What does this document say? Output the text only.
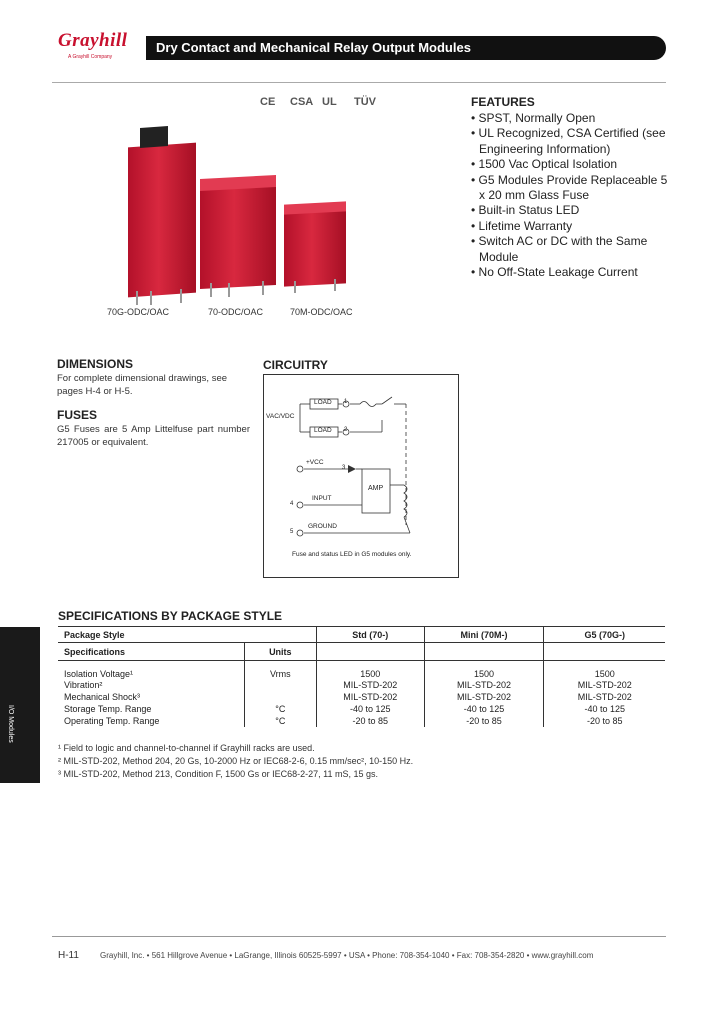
Grayhill
A Grayhill Company
Dry Contact and Mechanical Relay Output Modules
CE CSA UL TÜV
70G-ODC/OAC	70-ODC/OAC	70M-ODC/OAC
FEATURES
• SPST, Normally Open
• UL Recognized, CSA Certified (see Engineering Information)
• 1500 Vac Optical Isolation
• G5 Modules Provide Replaceable 5 x 20 mm Glass Fuse
• Built-in Status LED
• Lifetime Warranty
• Switch AC or DC with the Same Module
• No Off-State Leakage Current
DIMENSIONS
For complete dimensional drawings, see pages H-4 or H-5.
FUSES
G5 Fuses are 5 Amp Littelfuse part number 217005 or equivalent.
CIRCUITRY
LOAD
LOAD
VAC/VDC
1
2
+VCC
INPUT
GROUND
3
4
5
AMP
Fuse and status LED in G5 modules only.
SPECIFICATIONS BY PACKAGE STYLE
Package Style		Std (70-)	Mini (70M-)	G5 (70G-)
Specifications	Units			
Isolation Voltage¹	Vrms	1500	1500	1500
Vibration²		MIL-STD-202	MIL-STD-202	MIL-STD-202
Mechanical Shock³		MIL-STD-202	MIL-STD-202	MIL-STD-202
Storage Temp. Range	°C	-40 to 125	-40 to 125	-40 to 125
Operating Temp. Range	°C	-20 to 85	-20 to 85	-20 to 85
¹ Field to logic and channel-to-channel if Grayhill racks are used.
² MIL-STD-202, Method 204, 20 Gs, 10-2000 Hz or IEC68-2-6, 0.15 mm/sec², 10-150 Hz.
³ MIL-STD-202, Method 213, Condition F, 1500 Gs or IEC68-2-27, 11 mS, 15 gs.
I/O Modules
H-11	Grayhill, Inc. • 561 Hillgrove Avenue • LaGrange, Illinois 60525-5997 • USA • Phone: 708-354-1040 • Fax: 708-354-2820 • www.grayhill.com
